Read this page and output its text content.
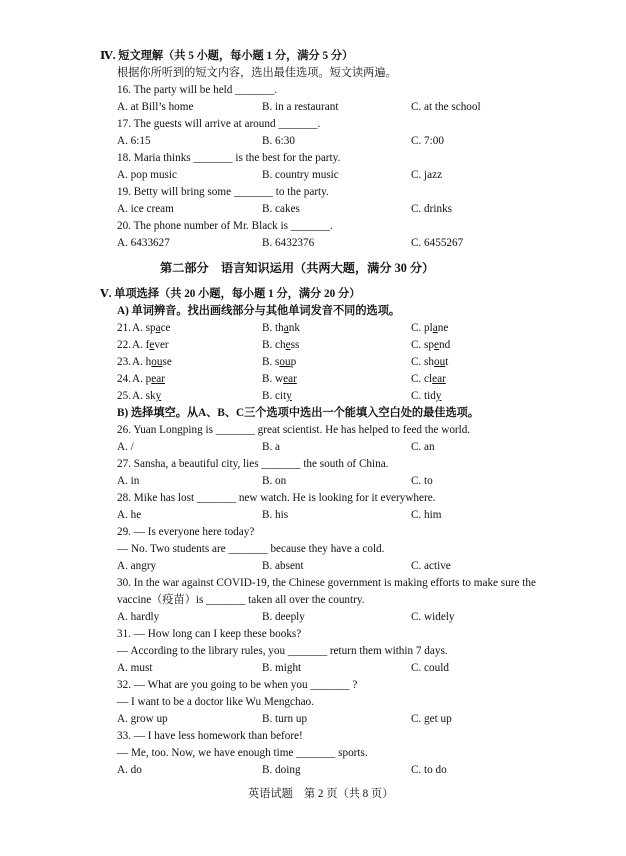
Ⅳ. 短文理解（共 5 小题，每小题 1 分，满分 5 分）
根据你所听到的短文内容，选出最佳选项。短文读两遍。
16. The party will be held _______.
A. at Bill’s home	B. in a restaurant	C. at the school
17. The guests will arrive at around _______.
A. 6:15	B. 6:30	C. 7:00
18. Maria thinks _______ is the best for the party.
A. pop music	B. country music	C. jazz
19. Betty will bring some _______ to the party.
A. ice cream	B. cakes	C. drinks
20. The phone number of Mr. Black is _______.
A. 6433627	B. 6432376	C. 6455267
第二部分　语言知识运用（共两大题，满分 30 分）
Ⅴ. 单项选择（共 20 小题，每小题 1 分，满分 20 分）
A) 单词辨音。找出画线部分与其他单词发音不同的选项。
21. A. space	B. thank	C. plane
22. A. fever	B. chess	C. spend
23. A. house	B. soup	C. shout
24. A. pear	B. wear	C. clear
25. A. sky	B. city	C. tidy
B) 选择填空。从A、B、C三个选项中选出一个能填入空白处的最佳选项。
26. Yuan Longping is _______ great scientist. He has helped to feed the world.
A. /	B. a	C. an
27. Sansha, a beautiful city, lies _______ the south of China.
A. in	B. on	C. to
28. Mike has lost _______ new watch. He is looking for it everywhere.
A. he	B. his	C. him
29. — Is everyone here today?
— No. Two students are _______ because they have a cold.
A. angry	B. absent	C. active
30. In the war against COVID-19, the Chinese government is making efforts to make sure the
vaccine（疫苗）is _______ taken all over the country.
A. hardly	B. deeply	C. widely
31. — How long can I keep these books?
— According to the library rules, you _______ return them within 7 days.
A. must	B. might	C. could
32. — What are you going to be when you _______ ?
— I want to be a doctor like Wu Mengchao.
A. grow up	B. turn up	C. get up
33. — I have less homework than before!
— Me, too. Now, we have enough time _______ sports.
A. do	B. doing	C. to do
英语试题　第 2 页（共 8 页）
